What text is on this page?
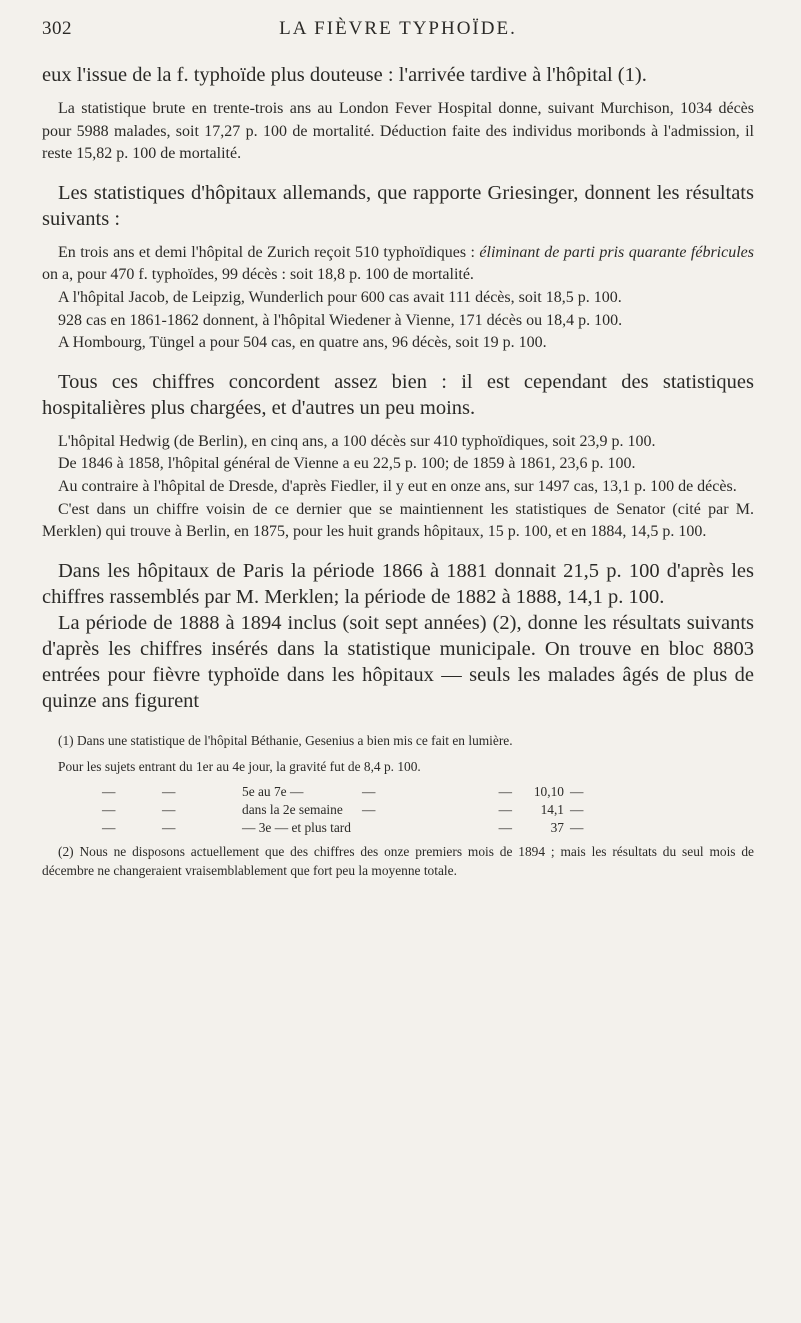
302	LA FIÈVRE TYPHOÏDE.

eux l'issue de la f. typhoïde plus douteuse : l'arrivée tardive à l'hôpital (1).

La statistique brute en trente-trois ans au London Fever Hospital donne, suivant Murchison, 1034 décès pour 5988 malades, soit 17,27 p. 100 de mortalité. Déduction faite des individus moribonds à l'admission, il reste 15,82 p. 100 de mortalité.

Les statistiques d'hôpitaux allemands, que rapporte Griesinger, donnent les résultats suivants :

En trois ans et demi l'hôpital de Zurich reçoit 510 typhoïdiques : éliminant de parti pris quarante fébricules on a, pour 470 f. typhoïdes, 99 décès : soit 18,8 p. 100 de mortalité.

A l'hôpital Jacob, de Leipzig, Wunderlich pour 600 cas avait 111 décès, soit 18,5 p. 100.

928 cas en 1861-1862 donnent, à l'hôpital Wiedener à Vienne, 171 décès ou 18,4 p. 100.

A Hombourg, Tüngel a pour 504 cas, en quatre ans, 96 décès, soit 19 p. 100.

Tous ces chiffres concordent assez bien : il est cependant des statistiques hospitalières plus chargées, et d'autres un peu moins.

L'hôpital Hedwig (de Berlin), en cinq ans, a 100 décès sur 410 typhoïdiques, soit 23,9 p. 100.

De 1846 à 1858, l'hôpital général de Vienne a eu 22,5 p. 100; de 1859 à 1861, 23,6 p. 100.

Au contraire à l'hôpital de Dresde, d'après Fiedler, il y eut en onze ans, sur 1497 cas, 13,1 p. 100 de décès.

C'est dans un chiffre voisin de ce dernier que se maintiennent les statistiques de Senator (cité par M. Merklen) qui trouve à Berlin, en 1875, pour les huit grands hôpitaux, 15 p. 100, et en 1884, 14,5 p. 100.

Dans les hôpitaux de Paris la période 1866 à 1881 donnait 21,5 p. 100 d'après les chiffres rassemblés par M. Merklen; la période de 1882 à 1888, 14,1 p. 100.

La période de 1888 à 1894 inclus (soit sept années) (2), donne les résultats suivants d'après les chiffres insérés dans la statistique municipale. On trouve en bloc 8803 entrées pour fièvre typhoïde dans les hôpitaux — seuls les malades âgés de plus de quinze ans figurent

(1) Dans une statistique de l'hôpital Béthanie, Gesenius a bien mis ce fait en lumière.

Pour les sujets entrant du 1er au 4e jour, la gravité fut de 8,4 p. 100.

—	—	5e au 7e —	—	—	10,10 —
—	—	dans la 2e semaine	—	—	14,1 —
—	—	— 3e — et plus tard	—	37 —

(2) Nous ne disposons actuellement que des chiffres des onze premiers mois de 1894 ; mais les résultats du seul mois de décembre ne changeraient vraisemblablement que fort peu la moyenne totale.
